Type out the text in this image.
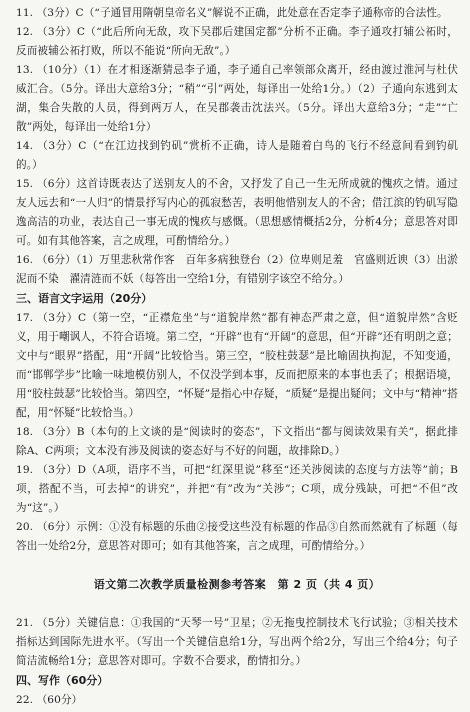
11. （3分）C（“子通冒用隋朝皇帝名义”解说不正确，此处意在否定李子通称帝的合法性。

12. （3分）C（“此后所向无敌，攻下吴郡后建国定都”分析不正确。李子通攻打辅公祏时，反而被辅公祏打败，所以不能说“所向无敌”。）

13. （10分）（1）在才相逐渐猜忌李子通，李子通自己率领部众离开，经由渡过淮河与杜伏威汇合。（5分。译出大意给3分；“稍”“引”两处，每译出一处给1分。）（2）子通向东逃到太湖，集合失散的人员，得到两万人，在吴郡袭击沈法兴。（5分。译出大意给3分；“走”“亡散”两处，每译出一处给1分）

14. （3分）C（“在江边找到钓矶”赏析不正确，诗人是随着白鸟的飞行不经意间看到钓矶的。）

15. （6分）这首诗既表达了送别友人的不舍，又抒发了自己一生无所成就的愧疚之情。通过友人远去和“一人归”的情景抒写内心的孤寂愁苦，表明他惜别友人的不舍；借江滨的钓矶写隐逸高洁的功业，表达自己一事无成的愧疚与感慨。（思想感情概括2分，分析4分；意思答对即可。如有其他答案，言之成理，可酌情给分。）

16. （6分）（1）万里悲秋常作客　百年多病独登台（2）位卑则足羞　官盛则近谀（3）出淤泥而不染　濯清涟而不妖（每答出一空给1分，有错别字该空不给分。）

三、语言文字运用（20分）

17. （3分）C（第一空，“正襟危坐”与“道貌岸然”都有神态严肃之意，但“道貌岸然”含贬义，用于嘲讽人，不符合语境。第二空，“开辟”也有“开阔”的意思，但“开辟”还有明朗之意；文中与“眼界”搭配，用“开阔”比较恰当。第三空，“胶柱鼓瑟”是比喻固执拘泥，不知变通，而“邯郸学步”比喻一味地模仿别人，不仅没学到本事，反而把原来的本事也丢了；根据语境，用“胶柱鼓瑟”比较恰当。第四空，“怀疑”是指心中存疑，“质疑”是提出疑问；文中与“精神”搭配，用“怀疑”比较恰当。）

18. （3分）B（本句的上文谈的是“阅读时的姿态”，下文指出“都与阅读效果有关”，据此排除A、C两项；文本没有涉及阅读的姿态好与不好的问题，故排除D。）

19. （3分）D（A项，语序不当，可把“红深里说”移至“还关涉阅读的态度与方法等”前；B项，搭配不当，可去掉“的讲究”，并把“有”改为“关涉”；C项，成分残缺，可把“不但”改为“这”。）

20. （6分）示例：①没有标题的乐曲②接受这些没有标题的作品③自然而然就有了标题（每答出一处给2分，意思答对即可；如有其他答案，言之成理，可酌情给分。）

语文第二次教学质量检测参考答案　第 2 页（共 4 页）

21. （5分）关键信息：①我国的“天琴一号”卫星；②无拖曳控制技术飞行试验；③相关技术指标达到国际先进水平。（写出一个关键信息给1分，写出两个给2分，写出三个给4分；句子简洁流畅给1分；意思答对即可。字数不合要求，酌情扣分。）

四、写作（60分）

22. （60分）
